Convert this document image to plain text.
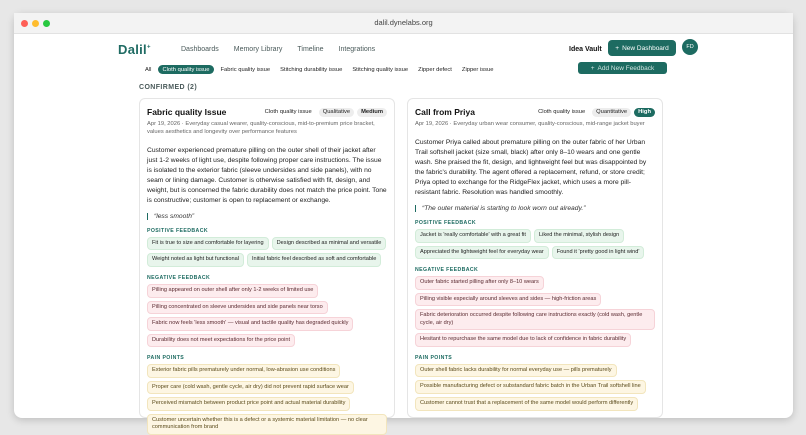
dalil.dynelabs.org
Dalil+	Dashboards Memory Library Timeline Integrations	Idea Vault + New Dashboard	FD
All	Cloth quality issue	Fabric quality issue	Stitching durability issue	Stitching quality issue	Zipper defect	Zipper issue	+ Add New Feedback
CONFIRMED (2)
Fabric quality Issue	Cloth quality issue	Qualitative	Medium
Apr 19, 2026 · Everyday casual wearer, quality-conscious, mid-to-premium price bracket, values aesthetics and longevity over performance features
Customer experienced premature pilling on the outer shell of their jacket after just 1-2 weeks of light use, despite following proper care instructions. The issue is isolated to the exterior fabric (sleeve undersides and side panels), with no seam or lining damage. Customer is otherwise satisfied with fit, design, and weight, but is concerned the fabric durability does not match the price point. Tone is constructive; customer is open to replacement or exchange.
“less smooth”
POSITIVE FEEDBACK
Fit is true to size and comfortable for layering	Design described as minimal and versatile
Weight noted as light but functional	Initial fabric feel described as soft and comfortable
NEGATIVE FEEDBACK
Pilling appeared on outer shell after only 1-2 weeks of limited use
Pilling concentrated on sleeve undersides and side panels near torso
Fabric now feels 'less smooth' — visual and tactile quality has degraded quickly
Durability does not meet expectations for the price point
PAIN POINTS
Exterior fabric pills prematurely under normal, low-abrasion use conditions
Proper care (cold wash, gentle cycle, air dry) did not prevent rapid surface wear
Perceived mismatch between product price point and actual material durability
Customer uncertain whether this is a defect or a systemic material limitation — no clear communication from brand
Call from Priya	Cloth quality issue	Quantitative	High
Apr 19, 2026 · Everyday urban wear consumer, quality-conscious, mid-range jacket buyer
Customer Priya called about premature pilling on the outer fabric of her Urban Trail softshell jacket (size small, black) after only 8–10 wears and one gentle wash. She praised the fit, design, and lightweight feel but was disappointed by the fabric's durability. The agent offered a replacement, refund, or store credit; Priya opted to exchange for the RidgeFlex jacket, which uses a more pill-resistant fabric. Resolution was handled smoothly.
“The outer material is starting to look worn out already.”
POSITIVE FEEDBACK
Jacket is 'really comfortable' with a great fit	Liked the minimal, stylish design
Appreciated the lightweight feel for everyday wear	Found it 'pretty good in light wind'
NEGATIVE FEEDBACK
Outer fabric started pilling after only 8–10 wears
Pilling visible especially around sleeves and sides — high-friction areas
Fabric deterioration occurred despite following care instructions exactly (cold wash, gentle cycle, air dry)
Hesitant to repurchase the same model due to lack of confidence in fabric durability
PAIN POINTS
Outer shell fabric lacks durability for normal everyday use — pills prematurely
Possible manufacturing defect or substandard fabric batch in the Urban Trail softshell line
Customer cannot trust that a replacement of the same model would perform differently
